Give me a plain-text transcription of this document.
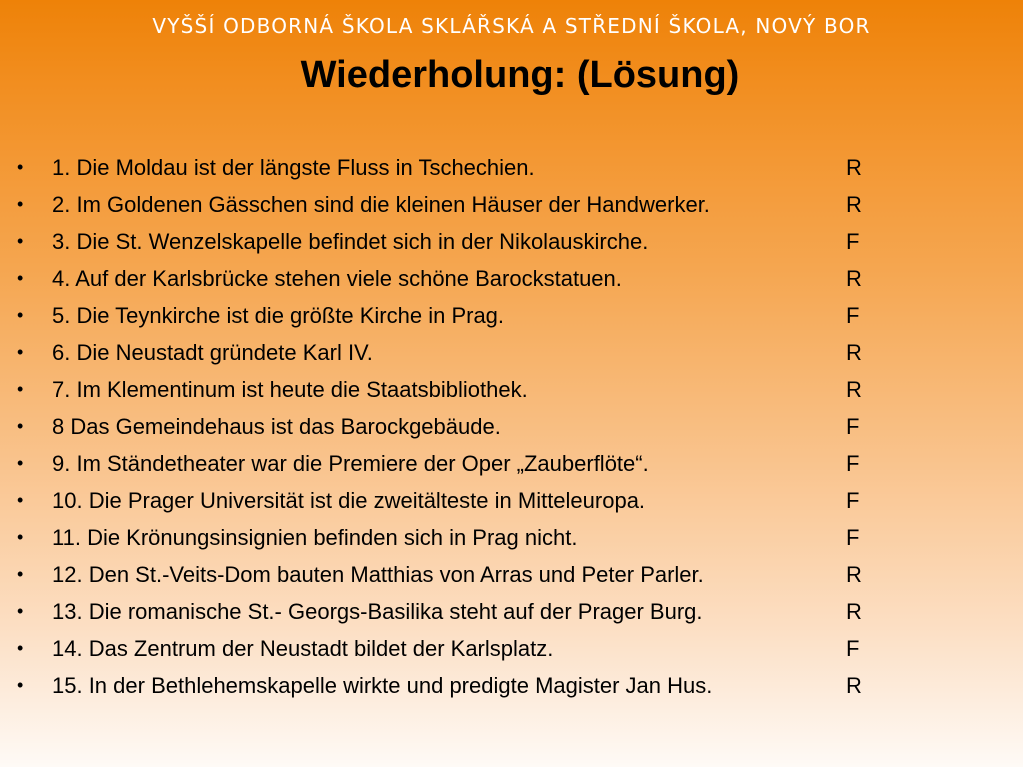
VYŠŠÍ ODBORNÁ ŠKOLA SKLÁŘSKÁ A STŘEDNÍ ŠKOLA, NOVÝ BOR
Wiederholung: (Lösung)
• 1. Die Moldau ist der längste Fluss in Tschechien.	R
• 2. Im Goldenen Gässchen sind die kleinen Häuser der Handwerker.	R
• 3. Die St. Wenzelskapelle befindet sich in der Nikolauskirche.	F
• 4. Auf der Karlsbrücke stehen viele schöne Barockstatuen.	R
• 5. Die Teynkirche ist die größte Kirche in Prag.	F
• 6. Die Neustadt gründete Karl IV.	R
• 7. Im Klementinum ist heute die Staatsbibliothek.	R
• 8 Das Gemeindehaus ist das Barockgebäude.	F
• 9. Im Ständetheater war die Premiere der Oper „Zauberflöte“.	F
• 10. Die Prager Universität ist die zweitälteste in Mitteleuropa.	F
• 11. Die Krönungsinsignien befinden sich in Prag nicht.	F
• 12. Den St.-Veits-Dom bauten Matthias von Arras und Peter Parler.	R
• 13. Die romanische St.- Georgs-Basilika steht auf der Prager Burg.	R
• 14. Das Zentrum der Neustadt bildet der Karlsplatz.	F
• 15. In der Bethlehemskapelle wirkte und predigte Magister Jan Hus.	R
